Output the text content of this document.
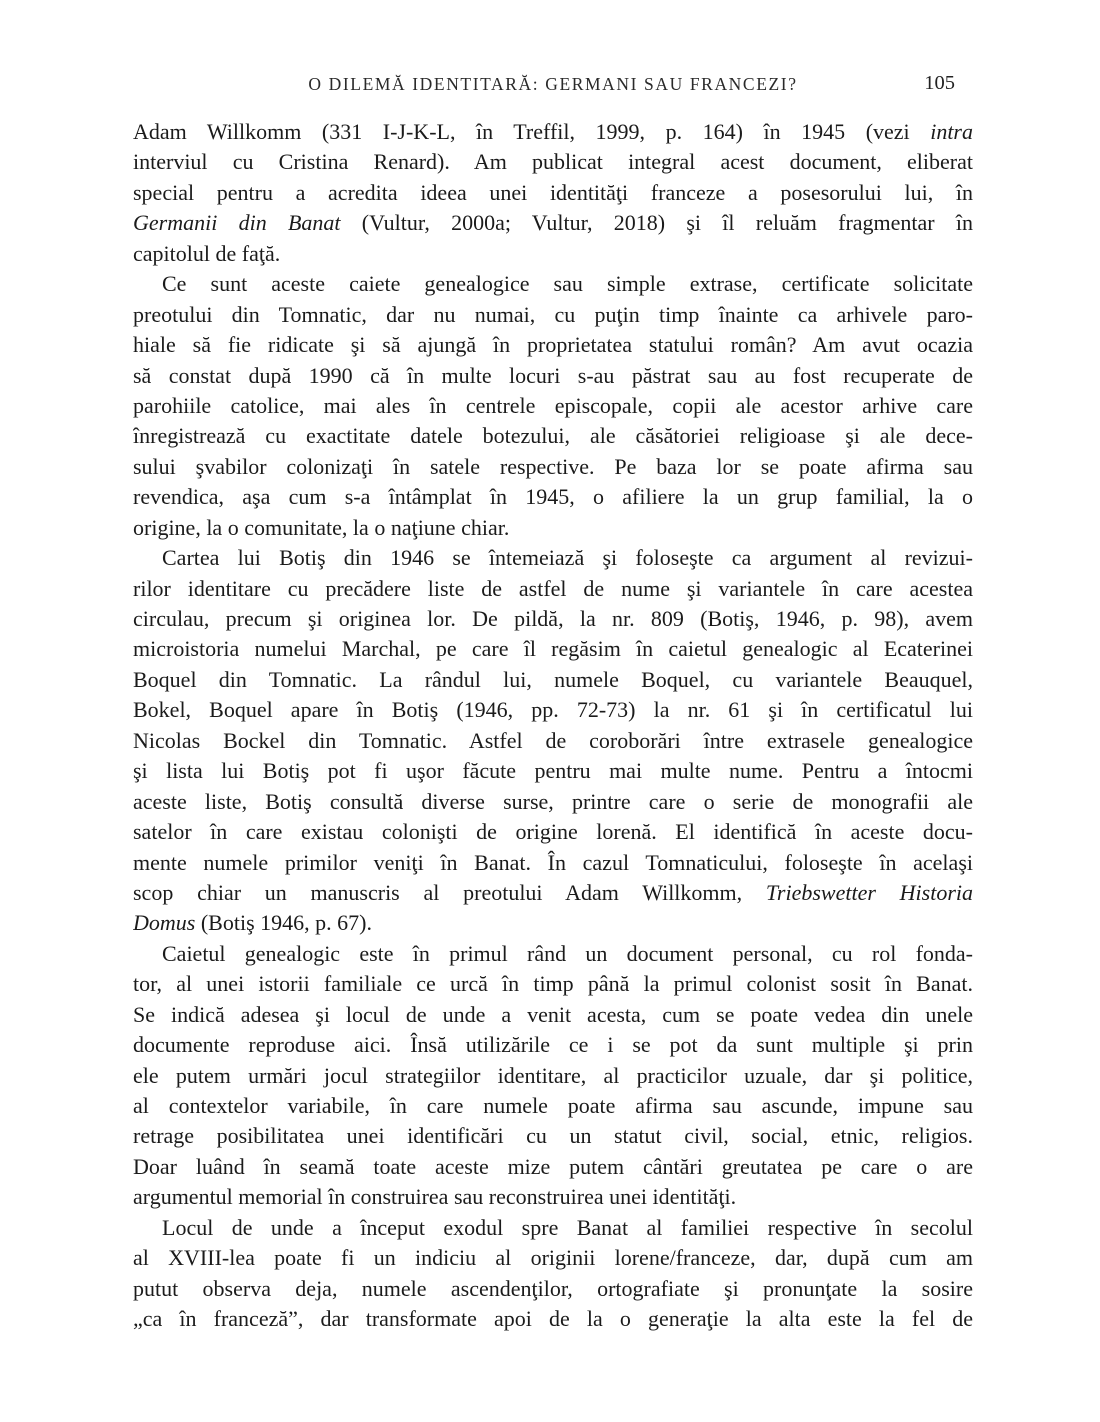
O DILEMĂ IDENTITARĂ: GERMANI SAU FRANCEZI?	105
Adam Willkomm (331 I-J-K-L, în Treffil, 1999, p. 164) în 1945 (vezi intra
interviul cu Cristina Renard). Am publicat integral acest document, eliberat
special pentru a acredita ideea unei identităţi franceze a posesorului lui, în
Germanii din Banat (Vultur, 2000a; Vultur, 2018) şi îl reluăm fragmentar în
capitolul de faţă.
Ce sunt aceste caiete genealogice sau simple extrase, certificate solicitate
preotului din Tomnatic, dar nu numai, cu puţin timp înainte ca arhivele paro-
hiale să fie ridicate şi să ajungă în proprietatea statului român? Am avut ocazia
să constat după 1990 că în multe locuri s-au păstrat sau au fost recuperate de
parohiile catolice, mai ales în centrele episcopale, copii ale acestor arhive care
înregistrează cu exactitate datele botezului, ale căsătoriei religioase şi ale dece-
sului şvabilor colonizaţi în satele respective. Pe baza lor se poate afirma sau
revendica, aşa cum s-a întâmplat în 1945, o afiliere la un grup familial, la o
origine, la o comunitate, la o naţiune chiar.
Cartea lui Botiş din 1946 se întemeiază şi foloseşte ca argument al revizui-
rilor identitare cu precădere liste de astfel de nume şi variantele în care acestea
circulau, precum şi originea lor. De pildă, la nr. 809 (Botiş, 1946, p. 98), avem
microistoria numelui Marchal, pe care îl regăsim în caietul genealogic al Ecaterinei
Boquel din Tomnatic. La rândul lui, numele Boquel, cu variantele Beauquel,
Bokel, Boquel apare în Botiş (1946, pp. 72-73) la nr. 61 şi în certificatul lui
Nicolas Bockel din Tomnatic. Astfel de coroborări între extrasele genealogice
şi lista lui Botiş pot fi uşor făcute pentru mai multe nume. Pentru a întocmi
aceste liste, Botiş consultă diverse surse, printre care o serie de monografii ale
satelor în care existau colonişti de origine lorenă. El identifică în aceste docu-
mente numele primilor veniţi în Banat. În cazul Tomnaticului, foloseşte în acelaşi
scop chiar un manuscris al preotului Adam Willkomm, Triebswetter Historia
Domus (Botiş 1946, p. 67).
Caietul genealogic este în primul rând un document personal, cu rol fonda-
tor, al unei istorii familiale ce urcă în timp până la primul colonist sosit în Banat.
Se indică adesea şi locul de unde a venit acesta, cum se poate vedea din unele
documente reproduse aici. Însă utilizările ce i se pot da sunt multiple şi prin
ele putem urmări jocul strategiilor identitare, al practicilor uzuale, dar şi politice,
al contextelor variabile, în care numele poate afirma sau ascunde, impune sau
retrage posibilitatea unei identificări cu un statut civil, social, etnic, religios.
Doar luând în seamă toate aceste mize putem cântări greutatea pe care o are
argumentul memorial în construirea sau reconstruirea unei identităţi.
Locul de unde a început exodul spre Banat al familiei respective în secolul
al XVIII-lea poate fi un indiciu al originii lorene/franceze, dar, după cum am
putut observa deja, numele ascendenţilor, ortografiate şi pronunţate la sosire
„ca în franceză”, dar transformate apoi de la o generaţie la alta este la fel de
